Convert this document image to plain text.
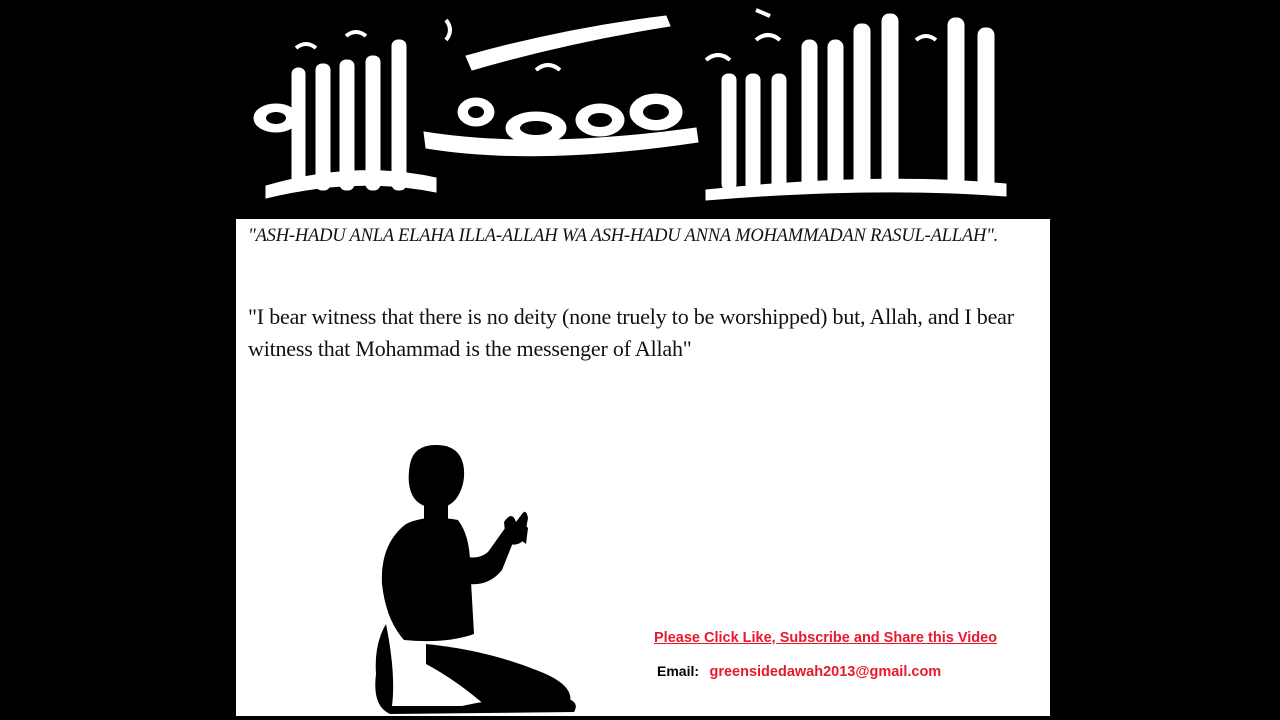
"ASH-HADU ANLA ELAHA ILLA-ALLAH WA ASH-HADU ANNA MOHAMMADAN RASUL-ALLAH".

"I bear witness that there is no deity (none truely to be worshipped) but, Allah, and I bear witness that Mohammad is the messenger of Allah"

Please Click Like, Subscribe and Share this Video

Email: greensidedawah2013@gmail.com
